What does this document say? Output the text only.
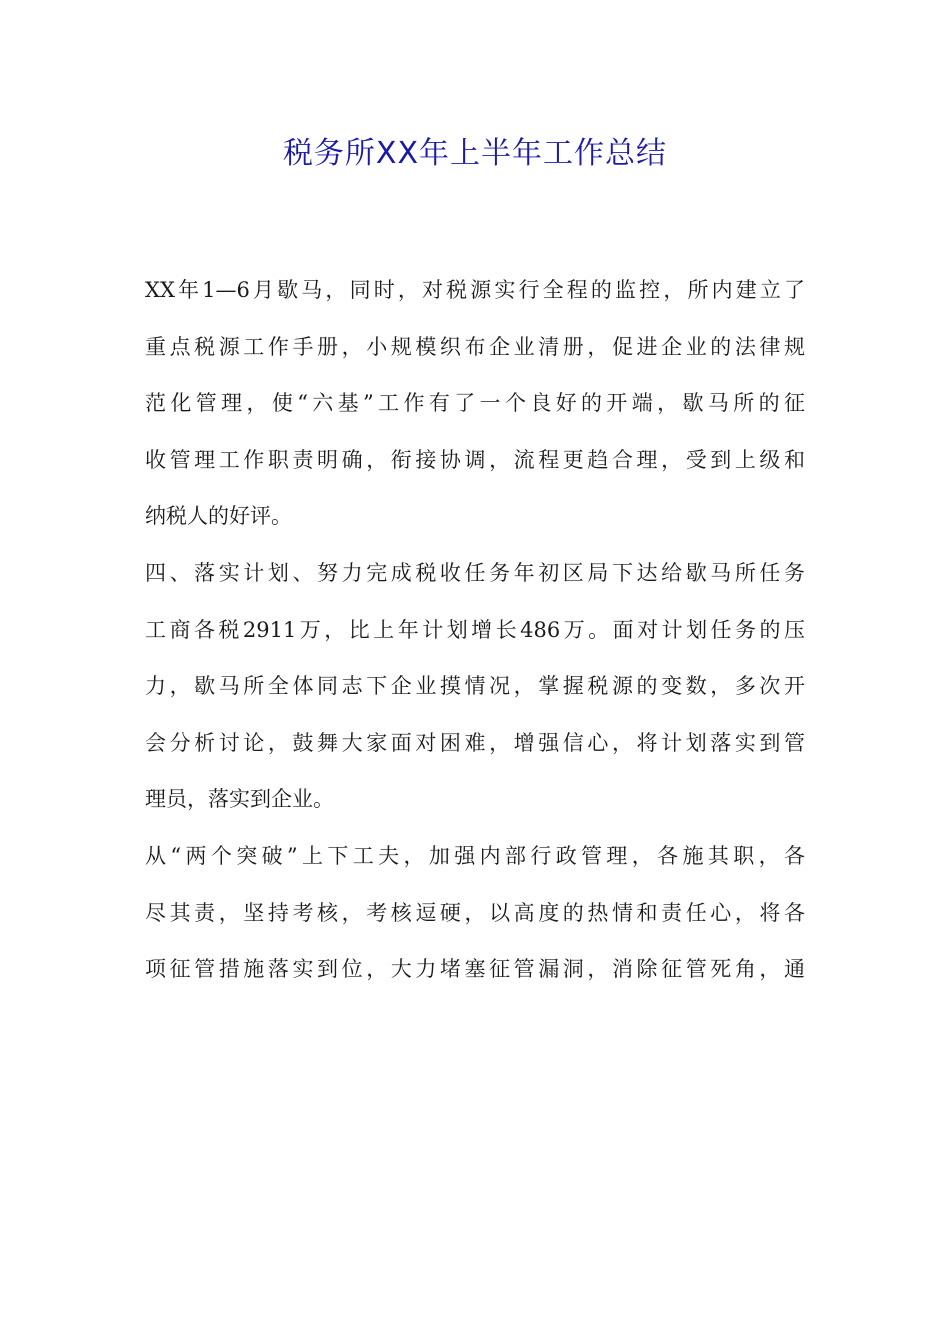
税务所XX年上半年工作总结
XX年1—6月歇马，同时，对税源实行全程的监控，所内建立了
重点税源工作手册，小规模织布企业清册，促进企业的法律规
范化管理，使“六基”工作有了一个良好的开端，歇马所的征
收管理工作职责明确，衔接协调，流程更趋合理，受到上级和
纳税人的好评。
四、落实计划、努力完成税收任务年初区局下达给歇马所任务
工商各税2911万，比上年计划增长486万。面对计划任务的压
力，歇马所全体同志下企业摸情况，掌握税源的变数，多次开
会分析讨论，鼓舞大家面对困难，增强信心，将计划落实到管
理员，落实到企业。
从“两个突破”上下工夫，加强内部行政管理，各施其职，各
尽其责，坚持考核，考核逗硬，以高度的热情和责任心，将各
项征管措施落实到位，大力堵塞征管漏洞，消除征管死角，通
